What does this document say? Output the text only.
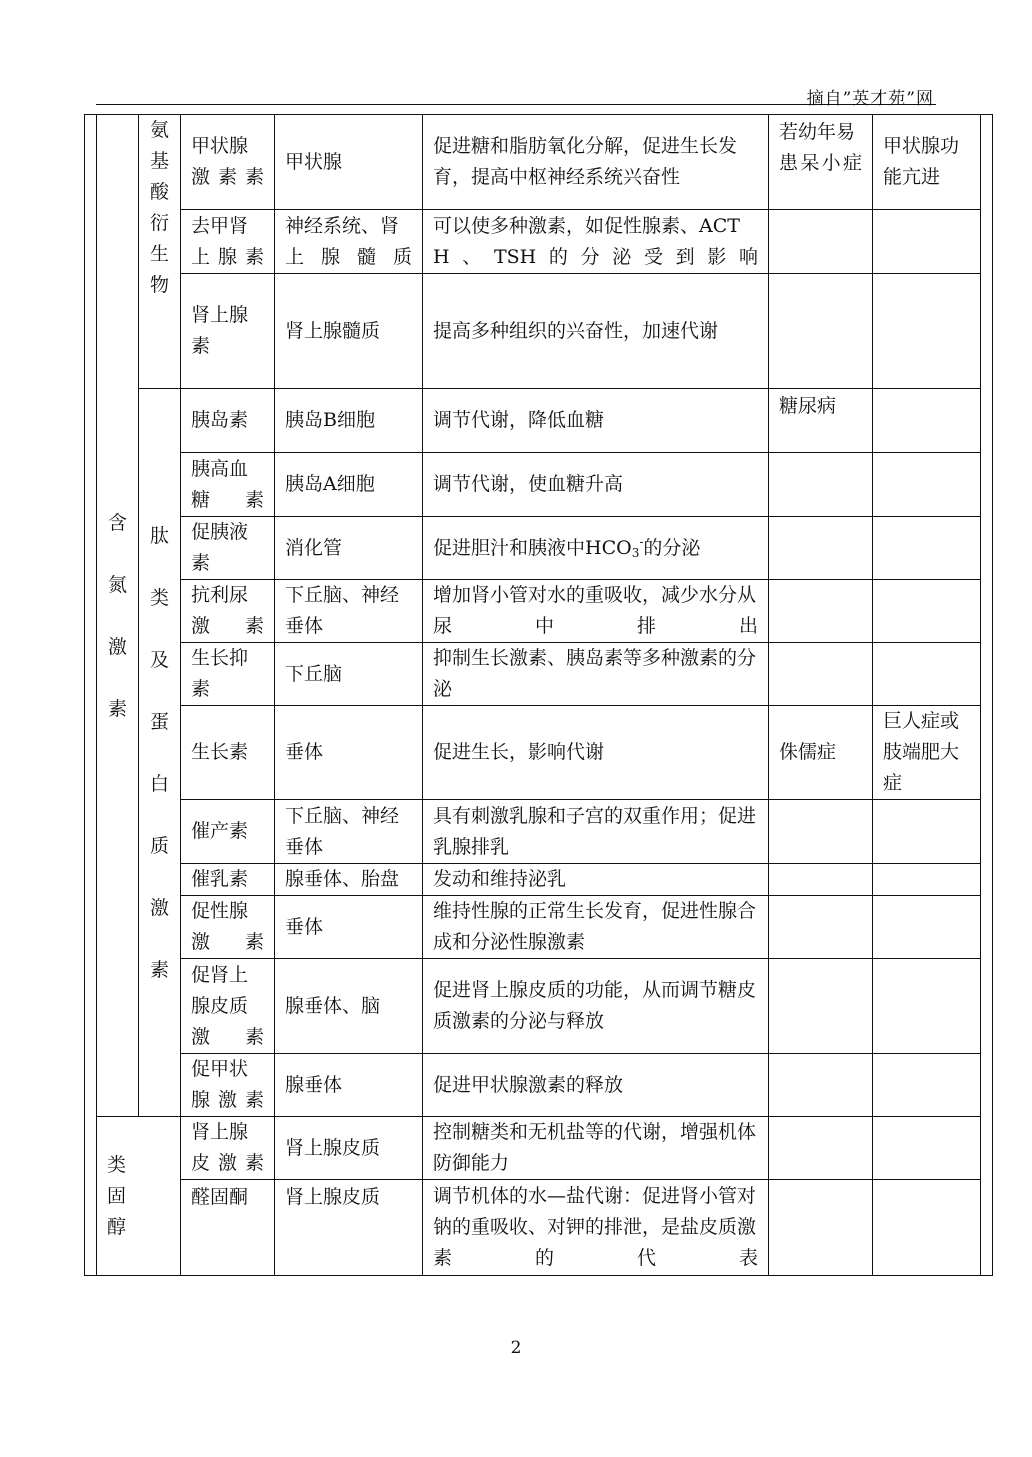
摘自”英才苑”网
	含氮激素	氨基酸衍生物	甲状腺激素素	甲状腺	促进糖和脂肪氧化分解，促进生长发育，提高中枢神经系统兴奋性	若幼年易患呆小症	甲状腺功能亢进	
			去甲肾上腺素	神经系统、肾上腺髓质	可以使多种激素，如促性腺素、ACTH、TSH的分泌受到影响			
			肾上腺素	肾上腺髓质	提高多种组织的兴奋性，加速代谢			
		肽类及蛋白质激素	胰岛素	胰岛B细胞	调节代谢，降低血糖	糖尿病		
			胰高血糖素	胰岛A细胞	调节代谢，使血糖升高			
			促胰液素	消化管	促进胆汁和胰液中$HCO_3^-$的分泌			
			抗利尿激素	下丘脑、神经垂体	增加肾小管对水的重吸收，减少水分从尿中排出			
			生长抑素	下丘脑	抑制生长激素、胰岛素等多种激素的分泌			
			生长素	垂体	促进生长，影响代谢	侏儒症	巨人症或肢端肥大症	
			催产素	下丘脑、神经垂体	具有刺激乳腺和子宫的双重作用；促进乳腺排乳			
			催乳素	腺垂体、胎盘	发动和维持泌乳			
			促性腺激素	垂体	维持性腺的正常生长发育，促进性腺合成和分泌性腺激素			
			促肾上腺皮质激素	腺垂体、脑	促进肾上腺皮质的功能，从而调节糖皮质激素的分泌与释放			
			促甲状腺激素	腺垂体	促进甲状腺激素的释放			
	类固醇		肾上腺皮激素	肾上腺皮质	控制糖类和无机盐等的代谢，增强机体防御能力			
			醛固酮	肾上腺皮质	调节机体的水—盐代谢：促进肾小管对钠的重吸收、对钾的排泄，是盐皮质激素的代表			
2
